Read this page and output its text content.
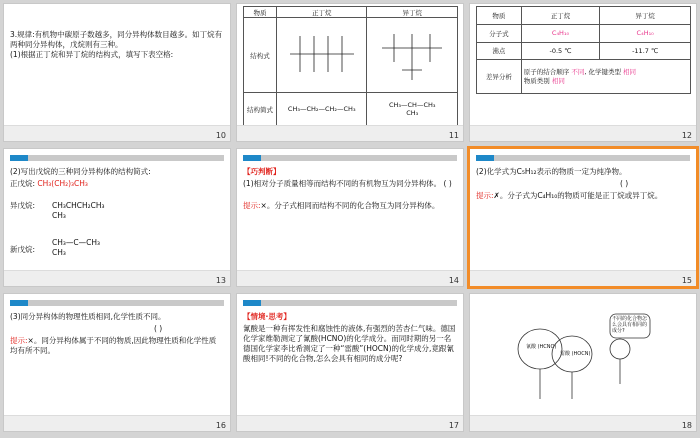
3.规律:有机物中碳原子数越多，同分异构体数目越多。如丁烷有两种同分异构体，戊烷则有三种。
(1)根据正丁烷和异丁烷的结构式，填写下表空格:
10
物质	正丁烷	异丁烷
结构式		
结构简式	CH₃—CH₂—CH₂—CH₃	CH₃—CH—CH₃
CH₃
11
物质	正丁烷	异丁烷
分子式	C₄H₁₀	C₄H₁₀
沸点	-0.5 ℃	-11.7 ℃
差异分析	原子的结合顺序 不同, 化学键类型 相同
物质类别 相同	
12
(2)写出戊烷的三种同分异构体的结构简式:
正戊烷: CH₃(CH₂)₃CH₃
异戊烷: CH₃CHCH₂CH₃
CH₃
新戊烷:
CH₃—C—CH₃
CH₃
13
【巧判断】
(1)相对分子质量相等而结构不同的有机物互为同分异构体。 ( )
提示:×。分子式相同而结构不同的化合物互为同分异构体。
14
(2)化学式为C₅H₁₂表示的物质一定为纯净物。
( )
提示:✗。分子式为C₄H₁₀的物质可能是正丁烷或异丁烷。
15
(3)同分异构体的物理性质相同,化学性质不同。
( )
提示:×。同分异构体属于不同的物质,因此物理性质和化学性质均有所不同。
16
【情境·思考】
氰酸是一种有挥发性和腐蚀性的液体,有强烈的苦杏仁气味。德国化学家维勒测定了氰酸(HCNO)的化学成分。而同时期的另一名德国化学家李比希测定了一种“雷酸”(HOCN)的化学成分,竟跟氰酸相同!不同的化合物,怎么会具有相同的成分呢?
17
不同的化合物怎么会具有相同的成分?
氰酸 (HCNO)
雷酸 (HOCN)
18
